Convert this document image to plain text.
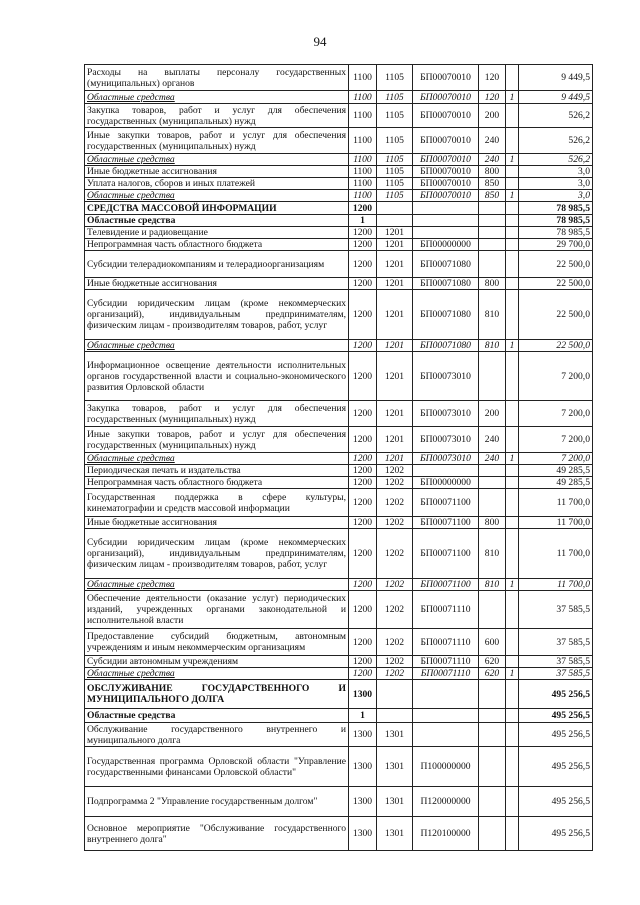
94
Расходы на выплаты персоналу государственных (муниципальных) органов	1100	1105	БП00070010	120		9 449,5
Областные средства	1100	1105	БП00070010	120	1	9 449,5
Закупка товаров, работ и услуг для обеспечения государственных (муниципальных) нужд	1100	1105	БП00070010	200		526,2
Иные закупки товаров, работ и услуг для обеспечения государственных (муниципальных) нужд	1100	1105	БП00070010	240		526,2
Областные средства	1100	1105	БП00070010	240	1	526,2
Иные бюджетные ассигнования	1100	1105	БП00070010	800		3,0
Уплата налогов, сборов и иных платежей	1100	1105	БП00070010	850		3,0
Областные средства	1100	1105	БП00070010	850	1	3,0
СРЕДСТВА МАССОВОЙ ИНФОРМАЦИИ	1200					78 985,5
Областные средства	1					78 985,5
Телевидение и радиовещание	1200	1201				78 985,5
Непрограммная часть областного бюджета	1200	1201	БП00000000			29 700,0
Субсидии телерадиокомпаниям и телерадиоорганизациям	1200	1201	БП00071080			22 500,0
Иные бюджетные ассигнования	1200	1201	БП00071080	800		22 500,0
Субсидии юридическим лицам (кроме некоммерческих организаций), индивидуальным предпринимателям, физическим лицам - производителям товаров, работ, услуг	1200	1201	БП00071080	810		22 500,0
Областные средства	1200	1201	БП00071080	810	1	22 500,0
Информационное освещение деятельности исполнительных органов государственной власти и социально-экономического развития Орловской области	1200	1201	БП00073010			7 200,0
Закупка товаров, работ и услуг для обеспечения государственных (муниципальных) нужд	1200	1201	БП00073010	200		7 200,0
Иные закупки товаров, работ и услуг для обеспечения государственных (муниципальных) нужд	1200	1201	БП00073010	240		7 200,0
Областные средства	1200	1201	БП00073010	240	1	7 200,0
Периодическая печать и издательства	1200	1202				49 285,5
Непрограммная часть областного бюджета	1200	1202	БП00000000			49 285,5
Государственная поддержка в сфере культуры, кинематографии и средств массовой информации	1200	1202	БП00071100			11 700,0
Иные бюджетные ассигнования	1200	1202	БП00071100	800		11 700,0
Субсидии юридическим лицам (кроме некоммерческих организаций), индивидуальным предпринимателям, физическим лицам - производителям товаров, работ, услуг	1200	1202	БП00071100	810		11 700,0
Областные средства	1200	1202	БП00071100	810	1	11 700,0
Обеспечение деятельности (оказание услуг) периодических изданий, учрежденных органами законодательной и исполнительной власти	1200	1202	БП00071110			37 585,5
Предоставление субсидий бюджетным, автономным учреждениям и иным некоммерческим организациям	1200	1202	БП00071110	600		37 585,5
Субсидии автономным учреждениям	1200	1202	БП00071110	620		37 585,5
Областные средства	1200	1202	БП00071110	620	1	37 585,5
ОБСЛУЖИВАНИЕ ГОСУДАРСТВЕННОГО И МУНИЦИПАЛЬНОГО ДОЛГА	1300					495 256,5
Областные средства	1					495 256,5
Обслуживание государственного внутреннего и муниципального долга	1300	1301				495 256,5
Государственная программа Орловской области "Управление государственными финансами Орловской области"	1300	1301	П100000000			495 256,5
Подпрограмма 2 "Управление государственным долгом"	1300	1301	П120000000			495 256,5
Основное мероприятие "Обслуживание государственного внутреннего долга"	1300	1301	П120100000			495 256,5
